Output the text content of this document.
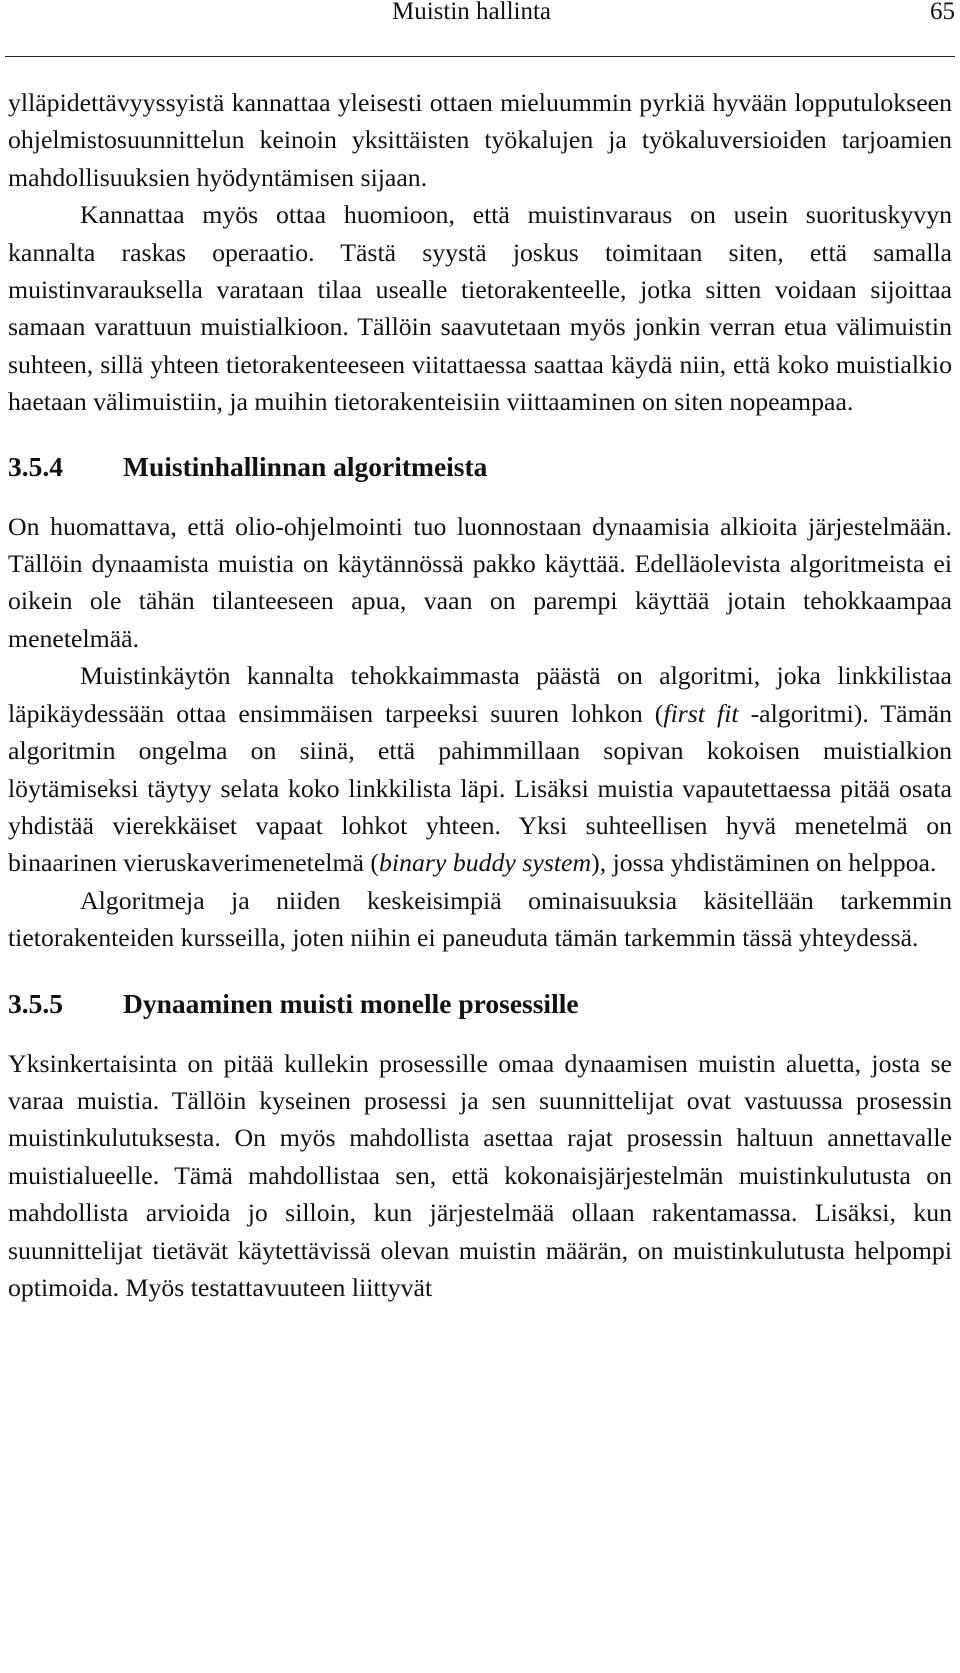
Muistin hallinta	65

ylläpidettävyyssyistä kannattaa yleisesti ottaen mieluummin pyrkiä hyvään lopputulokseen ohjelmistosuunnittelun keinoin yksittäisten työkalujen ja työkaluversioiden tarjoamien mahdollisuuksien hyödyntämisen sijaan.

Kannattaa myös ottaa huomioon, että muistinvaraus on usein suorituskyvyn kannalta raskas operaatio. Tästä syystä joskus toimitaan siten, että samalla muistinvarauksella varataan tilaa usealle tietorakenteelle, jotka sitten voidaan sijoittaa samaan varattuun muistialkioon. Tällöin saavutetaan myös jonkin verran etua välimuistin suhteen, sillä yhteen tietorakenteeseen viitattaessa saattaa käydä niin, että koko muistialkio haetaan välimuistiin, ja muihin tietorakenteisiin viittaaminen on siten nopeampaa.

3.5.4 Muistinhallinnan algoritmeista

On huomattava, että olio-ohjelmointi tuo luonnostaan dynaamisia alkioita järjestelmään. Tällöin dynaamista muistia on käytännössä pakko käyttää. Edelläolevista algoritmeista ei oikein ole tähän tilanteeseen apua, vaan on parempi käyttää jotain tehokkaampaa menetelmää.

Muistinkäytön kannalta tehokkaimmasta päästä on algoritmi, joka linkkilistaa läpikäydessään ottaa ensimmäisen tarpeeksi suuren lohkon (first fit -algoritmi). Tämän algoritmin ongelma on siinä, että pahimmillaan sopivan kokoisen muistialkion löytämiseksi täytyy selata koko linkkilista läpi. Lisäksi muistia vapautettaessa pitää osata yhdistää vierekkäiset vapaat lohkot yhteen. Yksi suhteellisen hyvä menetelmä on binaarinen vieruskaverimenetelmä (binary buddy system), jossa yhdistäminen on helppoa.

Algoritmeja ja niiden keskeisimpiä ominaisuuksia käsitellään tarkemmin tietorakenteiden kursseilla, joten niihin ei paneuduta tämän tarkemmin tässä yhteydessä.

3.5.5 Dynaaminen muisti monelle prosessille

Yksinkertaisinta on pitää kullekin prosessille omaa dynaamisen muistin aluetta, josta se varaa muistia. Tällöin kyseinen prosessi ja sen suunnittelijat ovat vastuussa prosessin muistinkulutuksesta. On myös mahdollista asettaa rajat prosessin haltuun annettavalle muistialueelle. Tämä mahdollistaa sen, että kokonaisjärjestelmän muistinkulutusta on mahdollista arvioida jo silloin, kun järjestelmää ollaan rakentamassa. Lisäksi, kun suunnittelijat tietävät käytettävissä olevan muistin määrän, on muistinkulutusta helpompi optimoida. Myös testattavuuteen liittyvät
